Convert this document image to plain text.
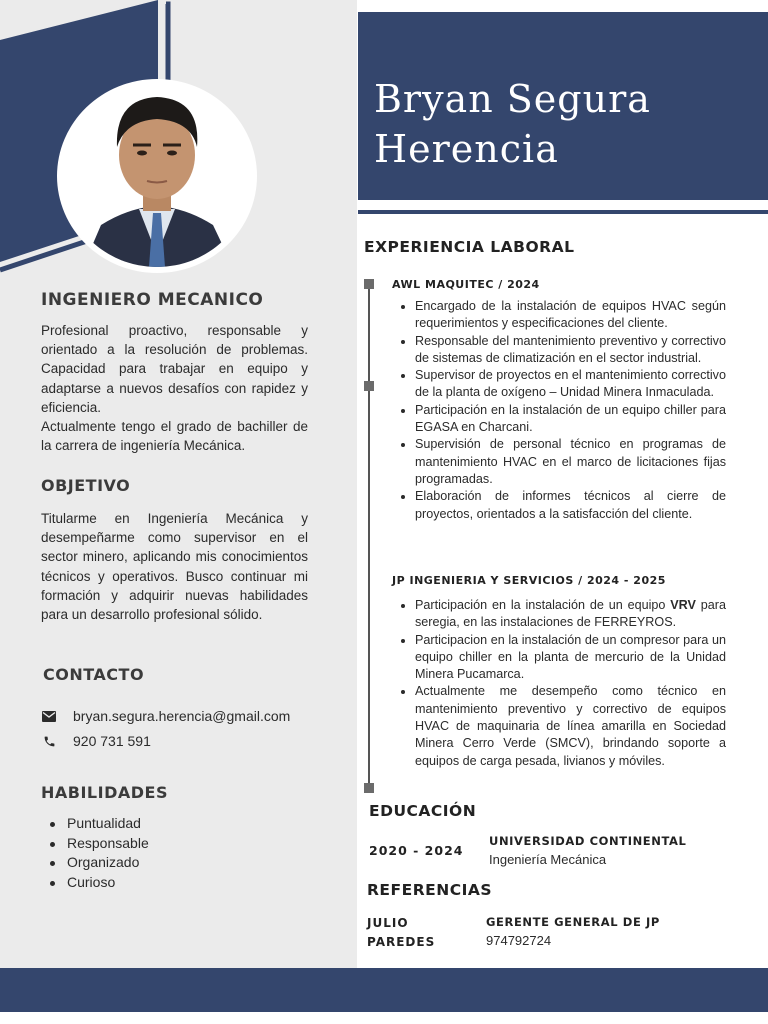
INGENIERO MECANICO
Profesional proactivo, responsable y orientado a la resolución de problemas. Capacidad para trabajar en equipo y adaptarse a nuevos desafíos con rapidez y eficiencia.
Actualmente tengo el grado de bachiller de la carrera de ingeniería Mecánica.
OBJETIVO
Titularme en Ingeniería Mecánica y desempeñarme como supervisor en el sector minero, aplicando mis conocimientos técnicos y operativos. Busco continuar mi formación y adquirir nuevas habilidades para un desarrollo profesional sólido.
CONTACTO
bryan.segura.herencia@gmail.com
920 731 591
HABILIDADES
Puntualidad
Responsable
Organizado
Curioso
Bryan Segura
Herencia
EXPERIENCIA LABORAL
AWL MAQUITEC / 2024
Encargado de la instalación de equipos HVAC según requerimientos y especificaciones del cliente.
Responsable del mantenimiento preventivo y correctivo de sistemas de climatización en el sector industrial.
Supervisor de proyectos en el mantenimiento correctivo de la planta de oxígeno – Unidad Minera Inmaculada.
Participación en la instalación de un equipo chiller para EGASA en Charcani.
Supervisión de personal técnico en programas de mantenimiento HVAC en el marco de licitaciones fijas programadas.
Elaboración de informes técnicos al cierre de proyectos, orientados a la satisfacción del cliente.
JP INGENIERIA Y SERVICIOS / 2024 - 2025
Participación en la instalación de un equipo VRV para seregia, en las instalaciones de FERREYROS.
Participacion en la instalación de un compresor para un equipo chiller en la planta de mercurio de la Unidad Minera Pucamarca.
Actualmente me desempeño como técnico en mantenimiento preventivo y correctivo de equipos HVAC de maquinaria de línea amarilla en Sociedad Minera Cerro Verde (SMCV), brindando soporte a equipos de carga pesada, livianos y móviles.
EDUCACIÓN
2020 - 2024
UNIVERSIDAD CONTINENTAL
Ingeniería Mecánica
REFERENCIAS
JULIO
PAREDES
GERENTE GENERAL DE JP
974792724
